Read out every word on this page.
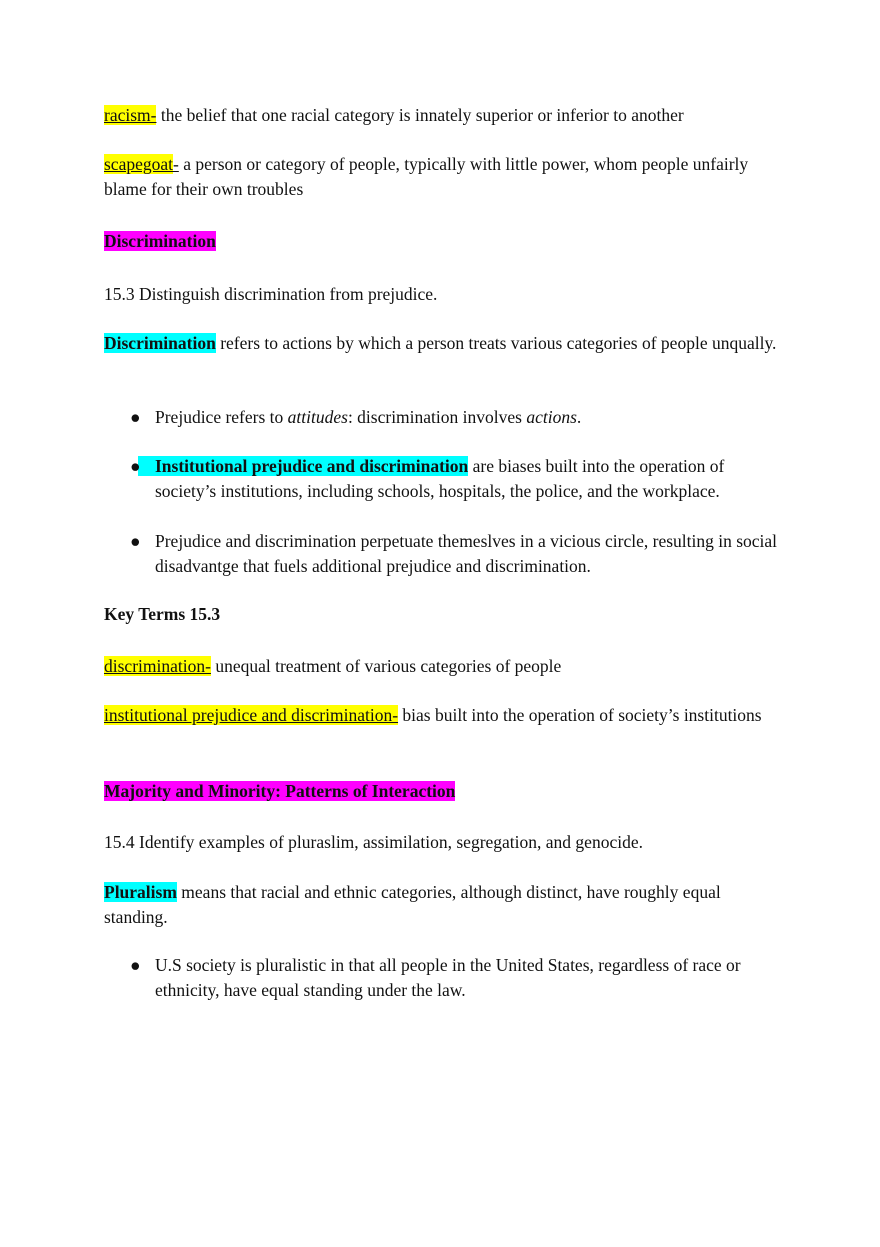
racism- the belief that one racial category is innately superior or inferior to another
scapegoat- a person or category of people, typically with little power, whom people unfairly blame for their own troubles
Discrimination
15.3 Distinguish discrimination from prejudice.
Discrimination refers to actions by which a person treats various categories of people unqually.
● Prejudice refers to attitudes: discrimination involves actions.
● Institutional prejudice and discrimination are biases built into the operation of society’s institutions, including schools, hospitals, the police, and the workplace.
● Prejudice and discrimination perpetuate themeslves in a vicious circle, resulting in social disadvantge that fuels additional prejudice and discrimination.
Key Terms 15.3
discrimination- unequal treatment of various categories of people
institutional prejudice and discrimination- bias built into the operation of society’s institutions
Majority and Minority: Patterns of Interaction
15.4 Identify examples of pluraslim, assimilation, segregation, and genocide.
Pluralism means that racial and ethnic categories, although distinct, have roughly equal standing.
● U.S society is pluralistic in that all people in the United States, regardless of race or ethnicity, have equal standing under the law.
